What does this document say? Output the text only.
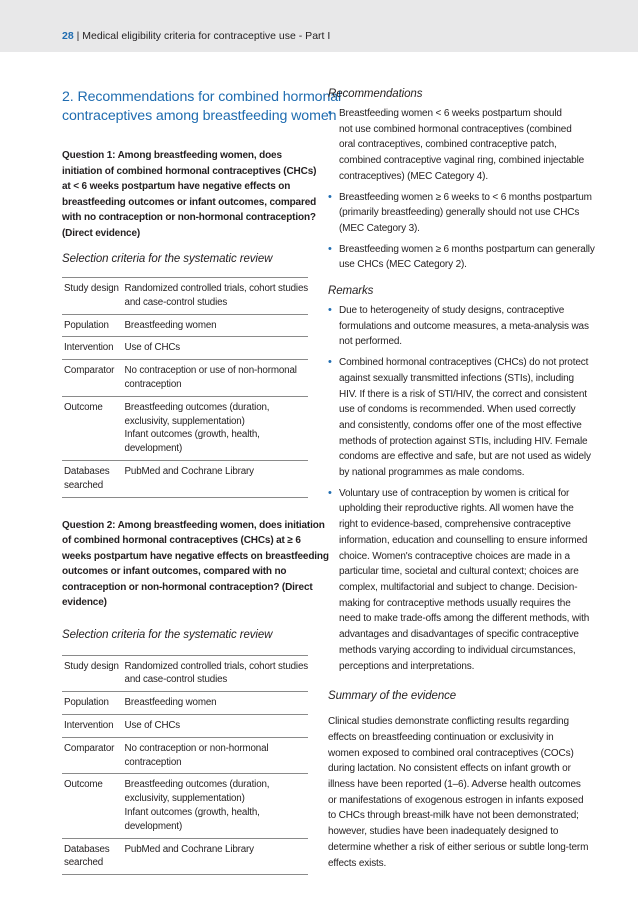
28 | Medical eligibility criteria for contraceptive use - Part I
2. Recommendations for combined hormonal
contraceptives among breastfeeding women
Question 1: Among breastfeeding women, does
initiation of combined hormonal contraceptives (CHCs)
at < 6 weeks postpartum have negative effects on
breastfeeding outcomes or infant outcomes, compared
with no contraception or non-hormonal contraception?
(Direct evidence)
Selection criteria for the systematic review
Study design	Randomized controlled trials, cohort studies
and case-control studies

Population	Breastfeeding women
Intervention	Use of CHCs
Comparator	No contraception or use of non-hormonal
contraception

Outcome	Breastfeeding outcomes (duration,
exclusivity, supplementation)
Infant outcomes (growth, health,
development)

Databases
searched	PubMed and Cochrane Library
Question 2: Among breastfeeding women, does initiation
of combined hormonal contraceptives (CHCs) at ≥ 6
weeks postpartum have negative effects on breastfeeding
outcomes or infant outcomes, compared with no
contraception or non-hormonal contraception? (Direct
evidence)
Selection criteria for the systematic review
Study design	Randomized controlled trials, cohort studies
and case-control studies

Population	Breastfeeding women
Intervention	Use of CHCs
Comparator	No contraception or non-hormonal
contraception

Outcome	Breastfeeding outcomes (duration,
exclusivity, supplementation)
Infant outcomes (growth, health,
development)

Databases
searched	PubMed and Cochrane Library
Recommendations
• Breastfeeding women < 6 weeks postpartum should
not use combined hormonal contraceptives (combined
oral contraceptives, combined contraceptive patch,
combined contraceptive vaginal ring, combined injectable
contraceptives) (MEC Category 4).
• Breastfeeding women ≥ 6 weeks to < 6 months postpartum
(primarily breastfeeding) generally should not use CHCs
(MEC Category 3).
• Breastfeeding women ≥ 6 months postpartum can generally
use CHCs (MEC Category 2).
Remarks
• Due to heterogeneity of study designs, contraceptive
formulations and outcome measures, a meta-analysis was
not performed.
• Combined hormonal contraceptives (CHCs) do not protect
against sexually transmitted infections (STIs), including
HIV. If there is a risk of STI/HIV, the correct and consistent
use of condoms is recommended. When used correctly
and consistently, condoms offer one of the most effective
methods of protection against STIs, including HIV. Female
condoms are effective and safe, but are not used as widely
by national programmes as male condoms.
• Voluntary use of contraception by women is critical for
upholding their reproductive rights. All women have the
right to evidence-based, comprehensive contraceptive
information, education and counselling to ensure informed
choice. Women's contraceptive choices are made in a
particular time, societal and cultural context; choices are
complex, multifactorial and subject to change. Decision-
making for contraceptive methods usually requires the
need to make trade-offs among the different methods, with
advantages and disadvantages of specific contraceptive
methods varying according to individual circumstances,
perceptions and interpretations.
Summary of the evidence

Clinical studies demonstrate conflicting results regarding
effects on breastfeeding continuation or exclusivity in
women exposed to combined oral contraceptives (COCs)
during lactation. No consistent effects on infant growth or
illness have been reported (1–6). Adverse health outcomes
or manifestations of exogenous estrogen in infants exposed
to CHCs through breast-milk have not been demonstrated;
however, studies have been inadequately designed to
determine whether a risk of either serious or subtle long-term
effects exists.
